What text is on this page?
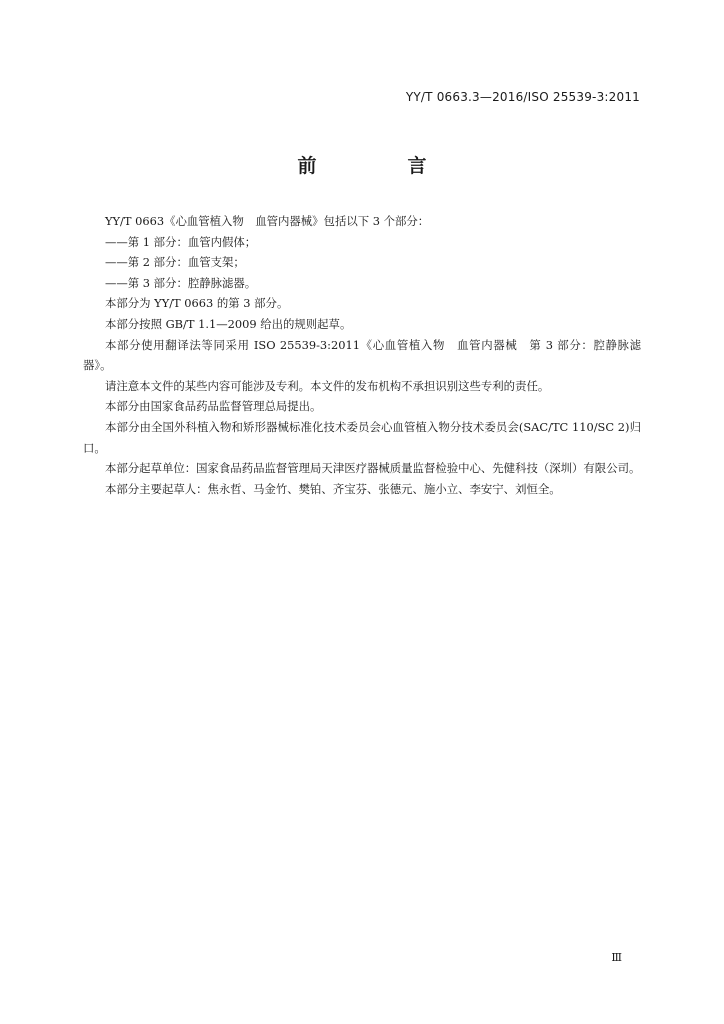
YY/T 0663.3—2016/ISO 25539-3:2011
前　言

YY/T 0663《心血管植入物　血管内器械》包括以下 3 个部分：

——第 1 部分：血管内假体；

——第 2 部分：血管支架；

——第 3 部分：腔静脉滤器。

本部分为 YY/T 0663 的第 3 部分。

本部分按照 GB/T 1.1—2009 给出的规则起草。

本部分使用翻译法等同采用 ISO 25539-3:2011《心血管植入物　血管内器械　第 3 部分：腔静脉滤器》。

请注意本文件的某些内容可能涉及专利。本文件的发布机构不承担识别这些专利的责任。

本部分由国家食品药品监督管理总局提出。

本部分由全国外科植入物和矫形器械标准化技术委员会心血管植入物分技术委员会(SAC/TC 110/SC 2)归口。

本部分起草单位：国家食品药品监督管理局天津医疗器械质量监督检验中心、先健科技（深圳）有限公司。

本部分主要起草人：焦永哲、马金竹、樊铂、齐宝芬、张德元、施小立、李安宁、刘恒全。

Ⅲ
